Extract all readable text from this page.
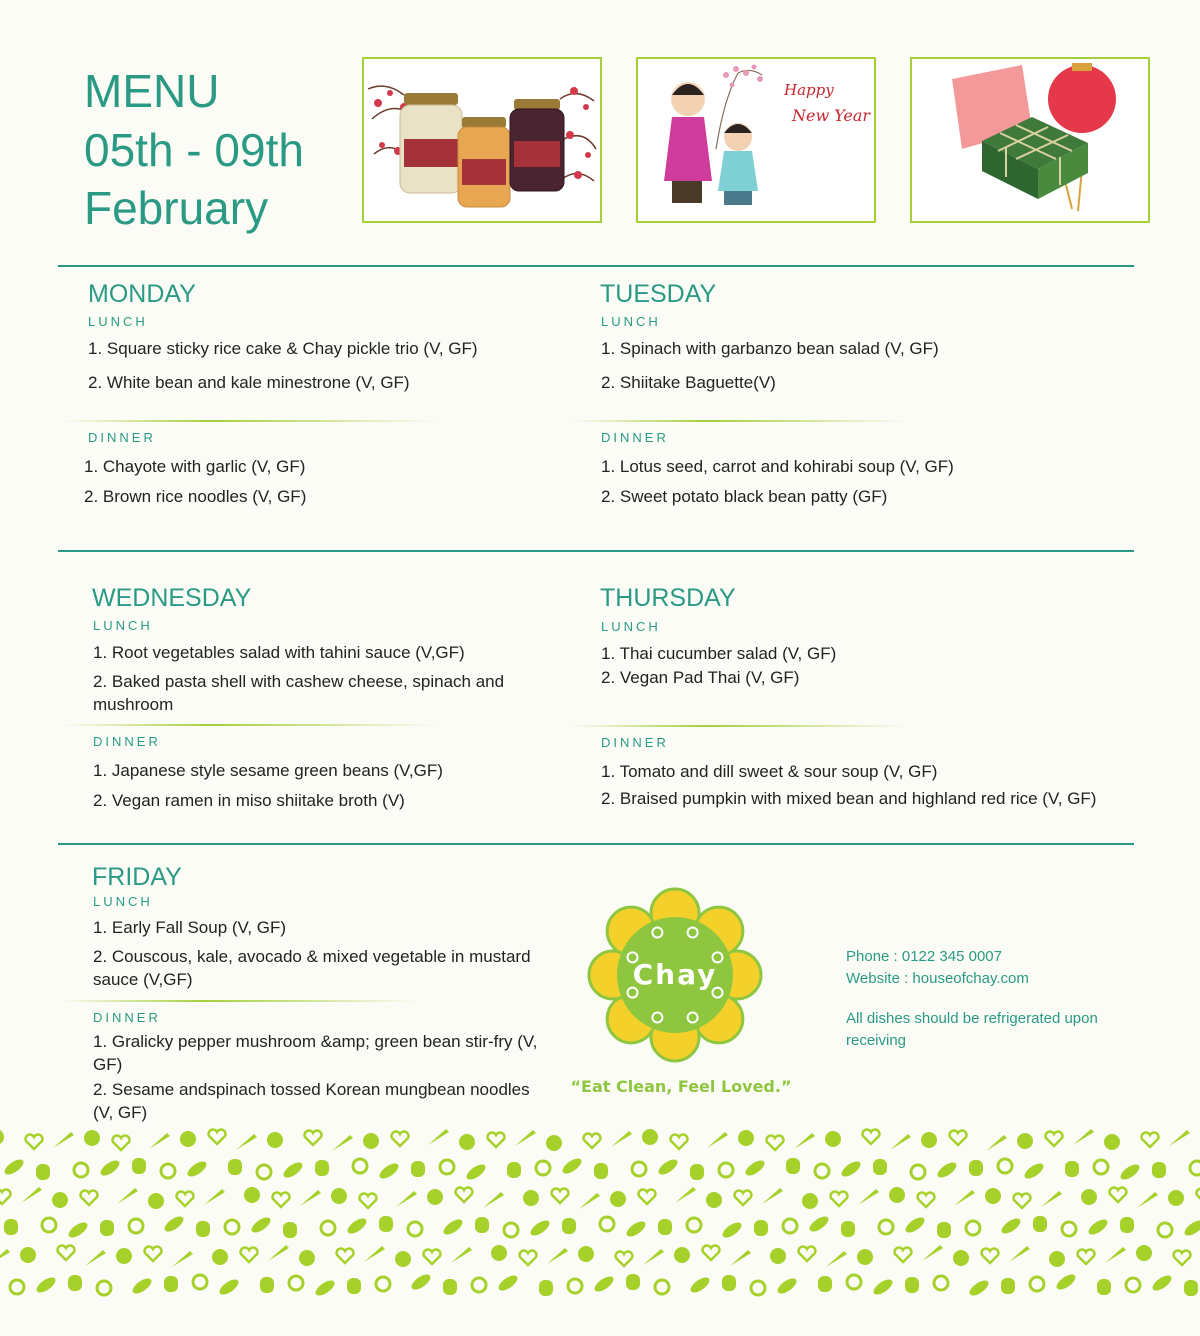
MENU
05th - 09th
February
Happy
New Year
MONDAY
LUNCH
1. Square sticky rice cake & Chay pickle trio (V, GF)
2. White bean and kale minestrone (V, GF)
DINNER
1. Chayote with garlic (V, GF)
2. Brown rice noodles (V, GF)
TUESDAY
LUNCH
1. Spinach with garbanzo bean salad (V, GF)
2. Shiitake Baguette(V)
DINNER
1. Lotus seed, carrot and kohirabi soup (V, GF)
2. Sweet potato black bean patty (GF)
WEDNESDAY
LUNCH
1. Root vegetables salad with tahini sauce (V,GF)
2. Baked pasta shell with cashew cheese, spinach and mushroom
DINNER
1. Japanese style sesame green beans (V,GF)
2. Vegan ramen in miso shiitake broth (V)
THURSDAY
LUNCH
1. Thai cucumber salad (V, GF)
2. Vegan Pad Thai (V, GF)
DINNER
1. Tomato and dill sweet & sour soup (V, GF)
2. Braised pumpkin with mixed bean and highland red rice (V, GF)
FRIDAY
LUNCH
1. Early Fall Soup (V, GF)
2. Couscous, kale, avocado & mixed vegetable in mustard sauce (V,GF)
DINNER
1. Gralicky pepper mushroom &amp; green bean stir-fry (V, GF)
2. Sesame andspinach tossed Korean mungbean noodles (V, GF)
Chay
“Eat Clean, Feel Loved.”
Phone : 0122 345 0007
Website : houseofchay.com
All dishes should be refrigerated upon receiving
